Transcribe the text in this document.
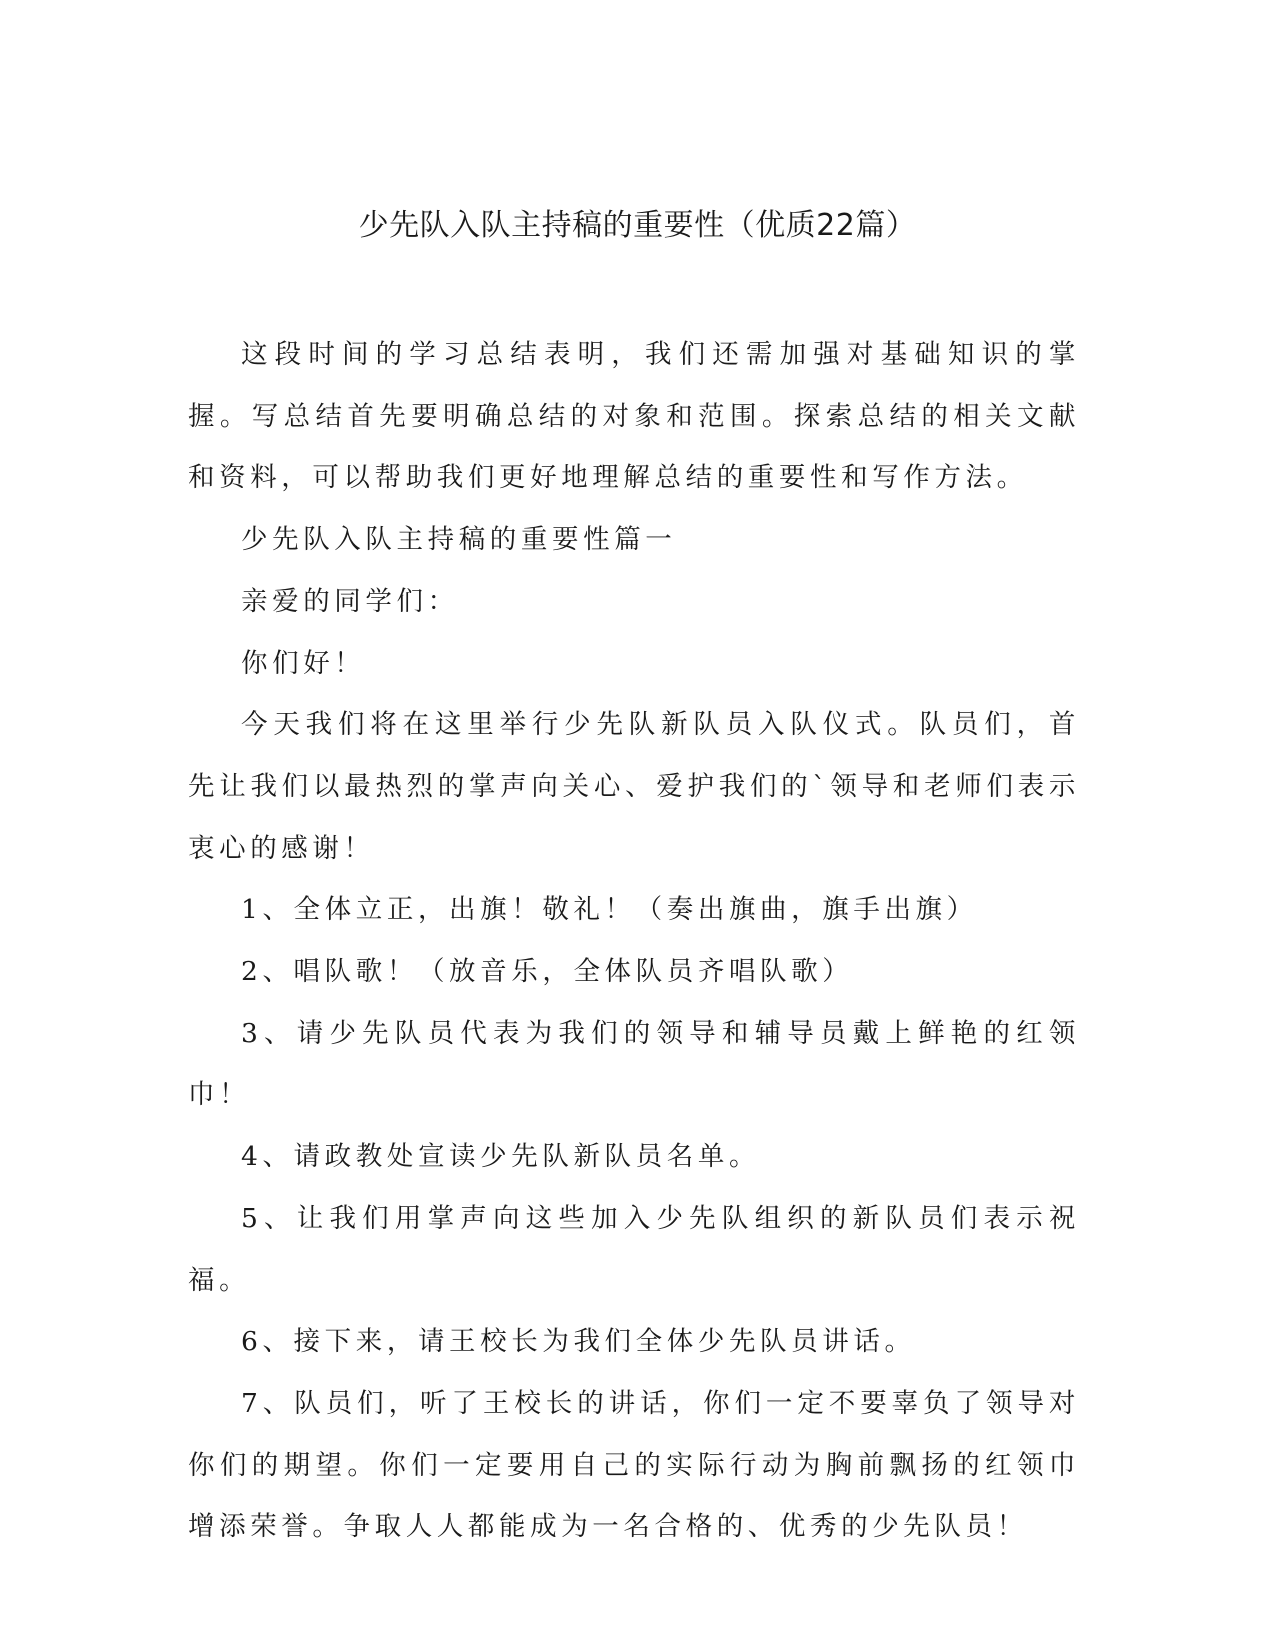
少先队入队主持稿的重要性（优质22篇）

这段时间的学习总结表明，我们还需加强对基础知识的掌握。写总结首先要明确总结的对象和范围。探索总结的相关文献和资料，可以帮助我们更好地理解总结的重要性和写作方法。

少先队入队主持稿的重要性篇一

亲爱的同学们：

你们好！

今天我们将在这里举行少先队新队员入队仪式。队员们，首先让我们以最热烈的掌声向关心、爱护我们的`领导和老师们表示衷心的感谢！

1、全体立正，出旗！敬礼！（奏出旗曲，旗手出旗）

2、唱队歌！（放音乐，全体队员齐唱队歌）

3、请少先队员代表为我们的领导和辅导员戴上鲜艳的红领巾！

4、请政教处宣读少先队新队员名单。

5、让我们用掌声向这些加入少先队组织的新队员们表示祝福。

6、接下来，请王校长为我们全体少先队员讲话。

7、队员们，听了王校长的讲话，你们一定不要辜负了领导对你们的期望。你们一定要用自己的实际行动为胸前飘扬的红领巾增添荣誉。争取人人都能成为一名合格的、优秀的少先队员！
